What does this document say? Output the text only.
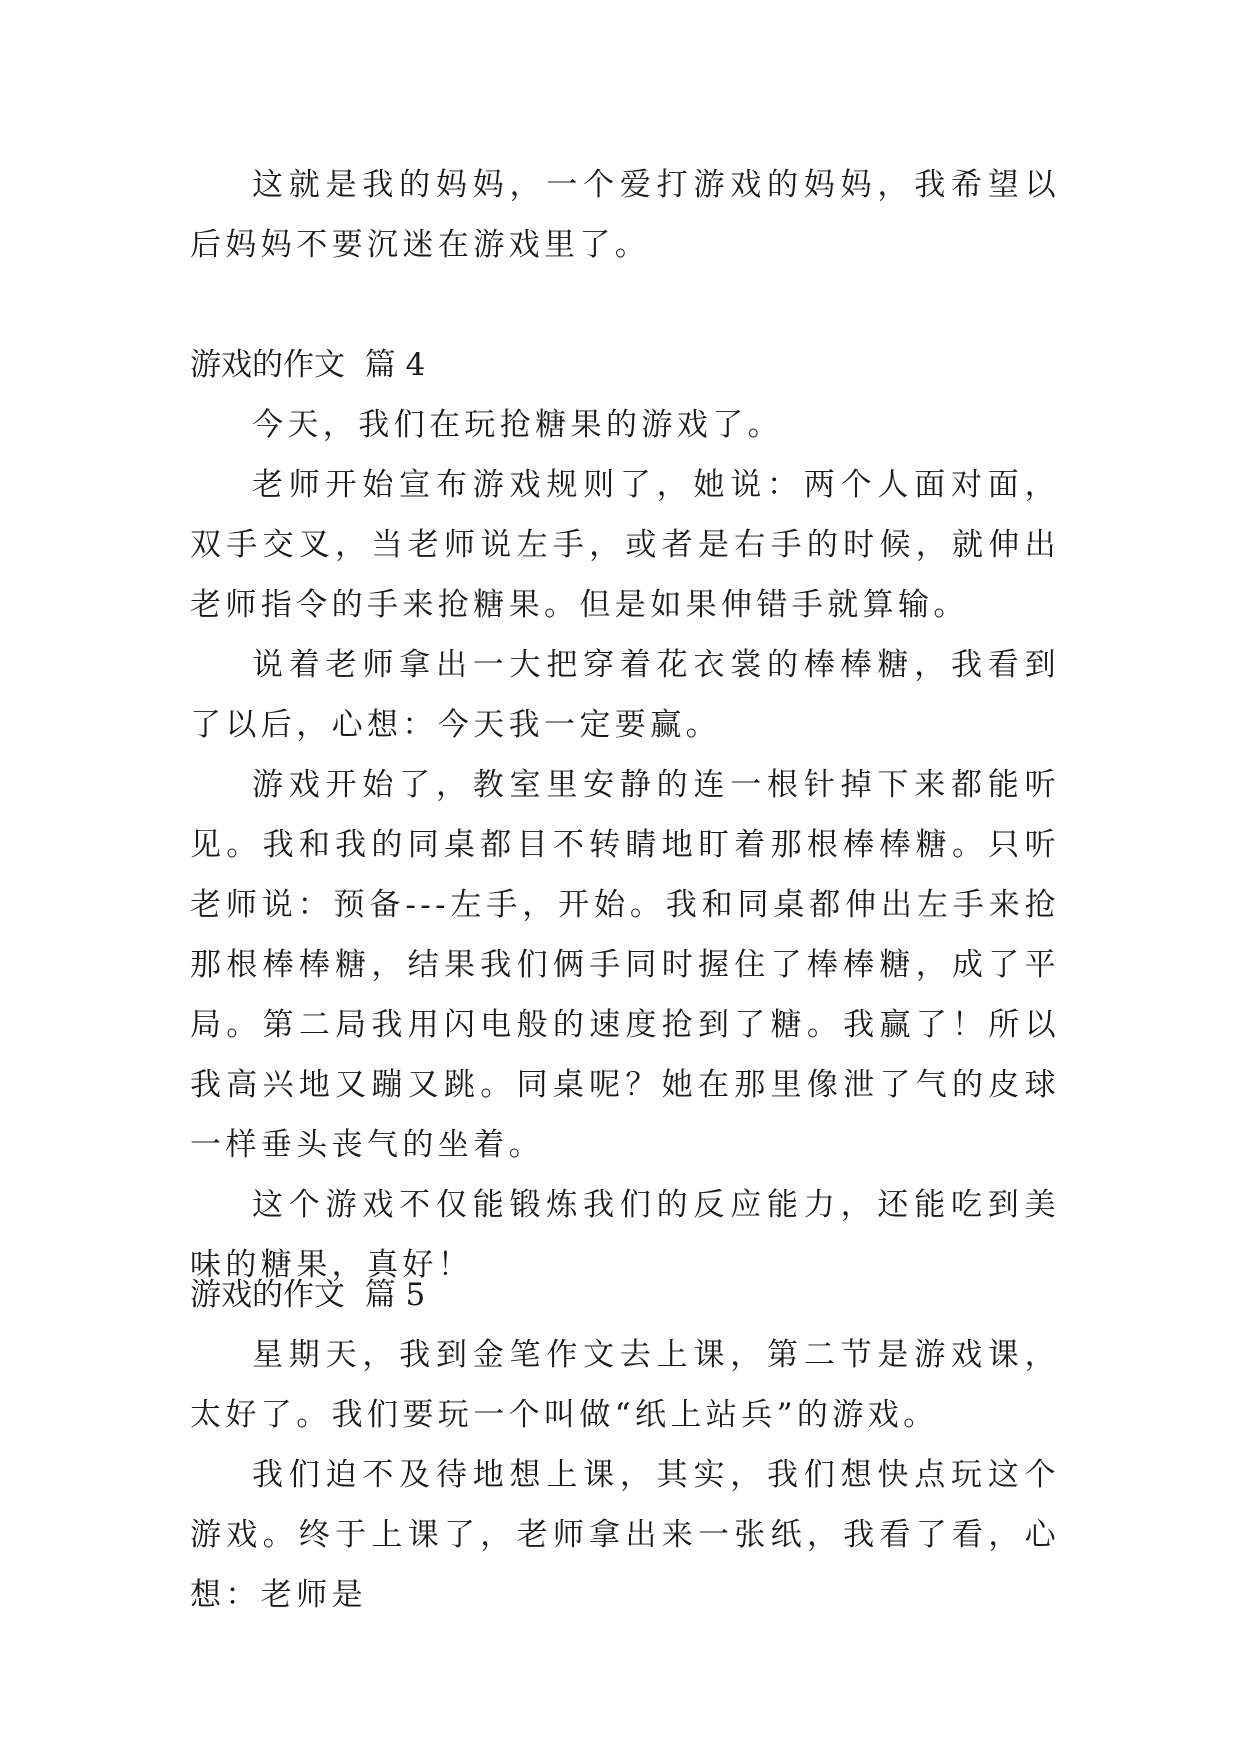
这就是我的妈妈，一个爱打游戏的妈妈，我希望以后妈妈不要沉迷在游戏里了。

游戏的作文  篇 4

今天，我们在玩抢糖果的游戏了。

老师开始宣布游戏规则了，她说：两个人面对面，双手交叉，当老师说左手，或者是右手的时候，就伸出老师指令的手来抢糖果。但是如果伸错手就算输。

说着老师拿出一大把穿着花衣裳的棒棒糖，我看到了以后，心想：今天我一定要赢。

游戏开始了，教室里安静的连一根针掉下来都能听见。我和我的同桌都目不转睛地盯着那根棒棒糖。只听老师说：预备---左手，开始。我和同桌都伸出左手来抢那根棒棒糖，结果我们俩手同时握住了棒棒糖，成了平局。第二局我用闪电般的速度抢到了糖。我赢了！所以我高兴地又蹦又跳。同桌呢？她在那里像泄了气的皮球一样垂头丧气的坐着。

这个游戏不仅能锻炼我们的反应能力，还能吃到美味的糖果，真好！

游戏的作文  篇 5

星期天，我到金笔作文去上课，第二节是游戏课，太好了。我们要玩一个叫做“纸上站兵”的游戏。

我们迫不及待地想上课，其实，我们想快点玩这个游戏。终于上课了，老师拿出来一张纸，我看了看，心想：老师是
